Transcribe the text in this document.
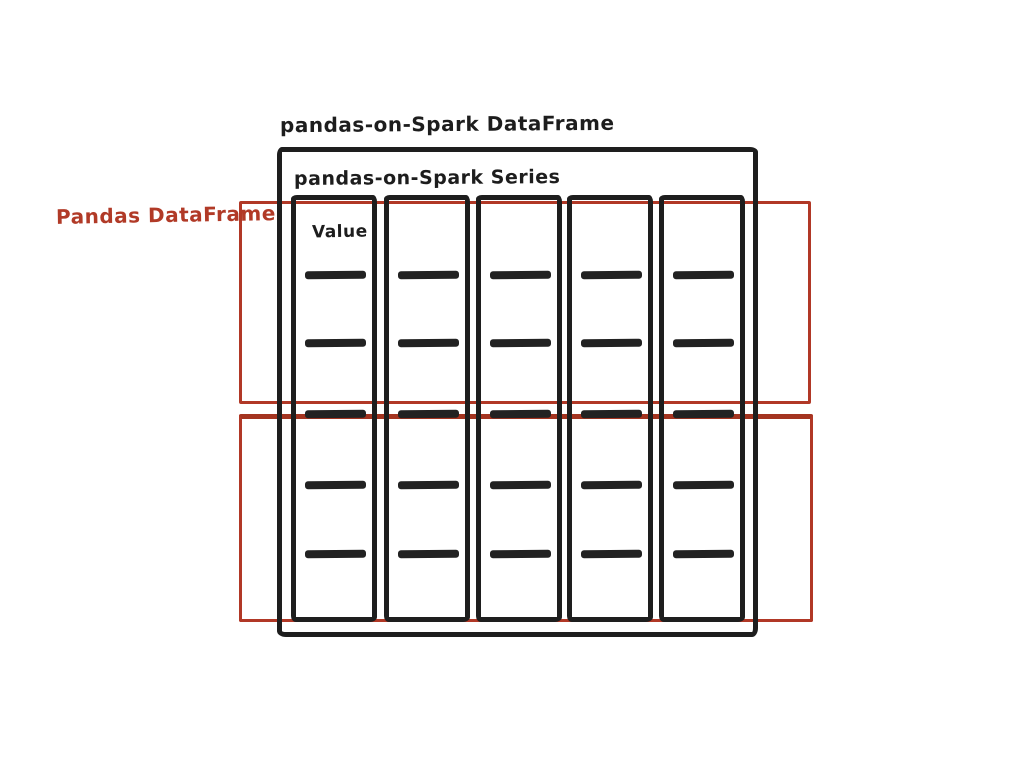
pandas-on-Spark DataFrame
Pandas DataFrame
pandas-on-Spark Series
Value
